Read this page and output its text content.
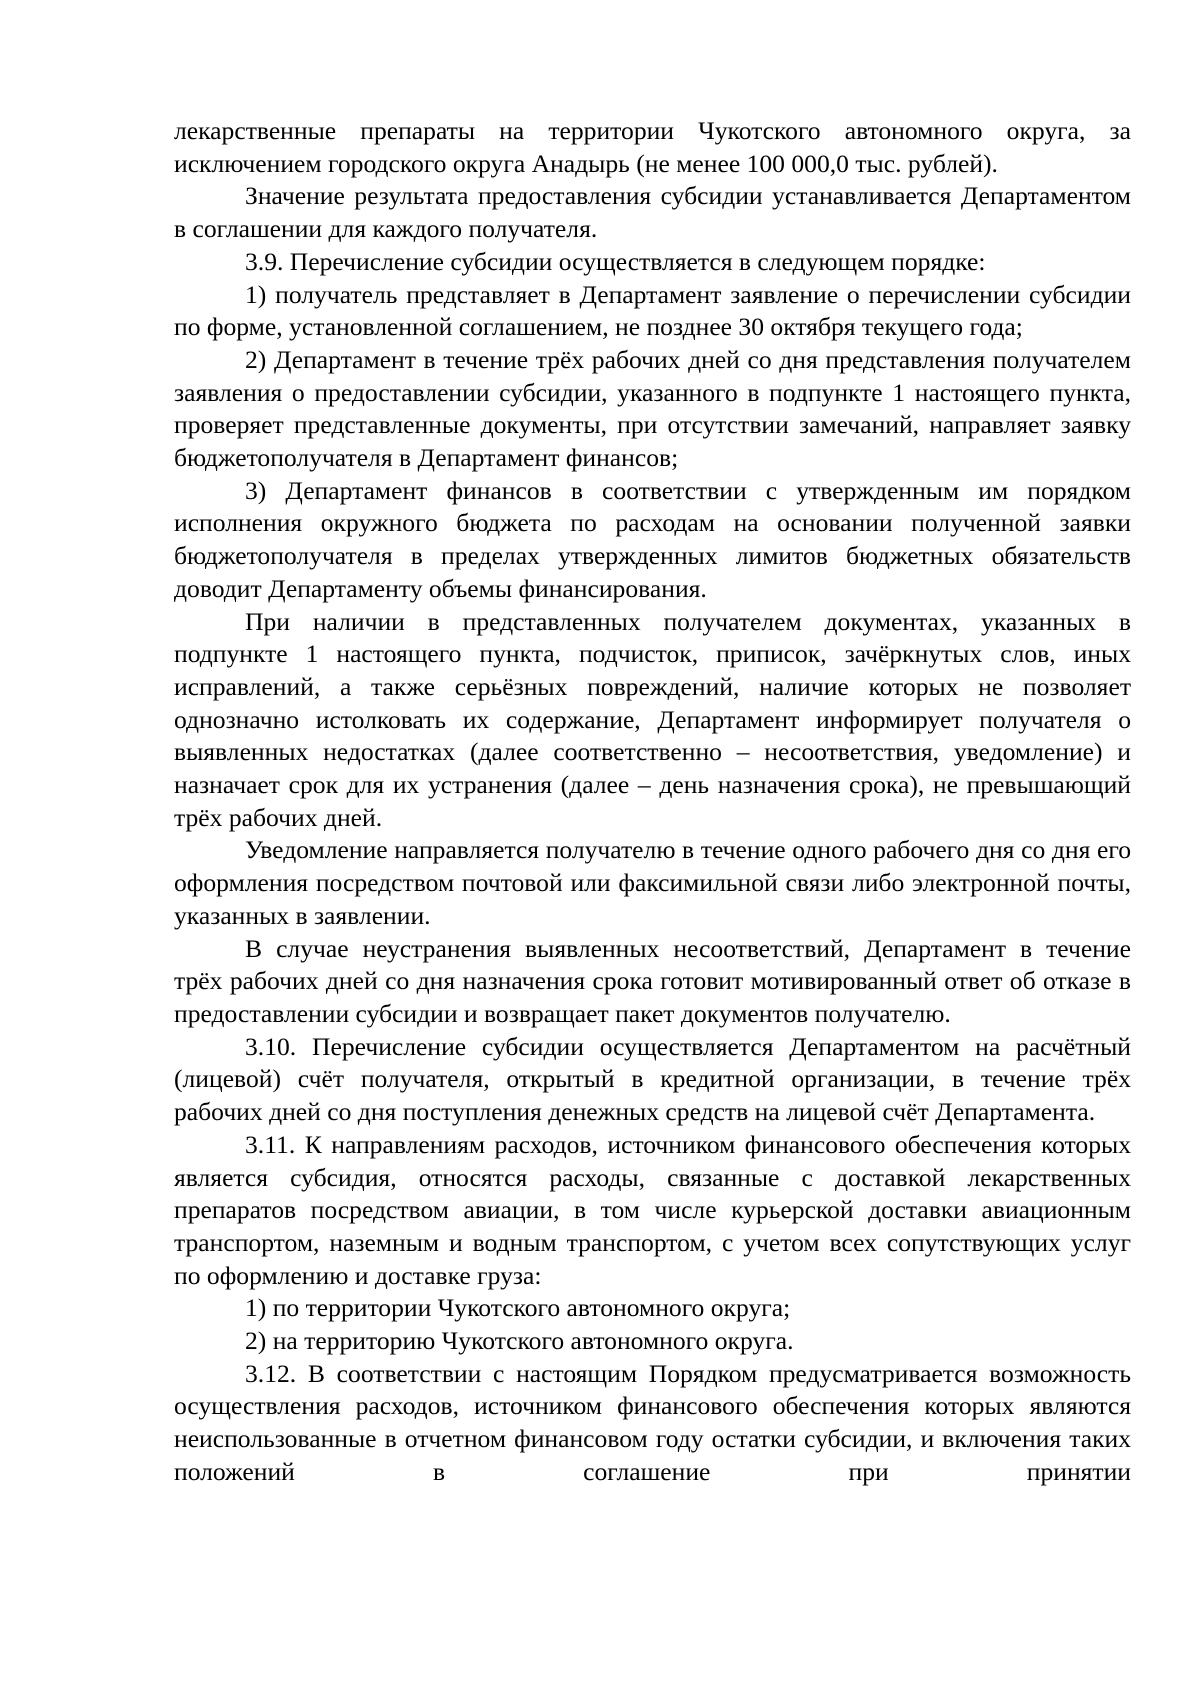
лекарственные препараты на территории Чукотского автономного округа, за исключением городского округа Анадырь (не менее 100 000,0 тыс. рублей).

Значение результата предоставления субсидии устанавливается Департаментом в соглашении для каждого получателя.

3.9. Перечисление субсидии осуществляется в следующем порядке:

1) получатель представляет в Департамент заявление о перечислении субсидии по форме, установленной соглашением, не позднее 30 октября текущего года;

2) Департамент в течение трёх рабочих дней со дня представления получателем заявления о предоставлении субсидии, указанного в подпункте 1 настоящего пункта, проверяет представленные документы, при отсутствии замечаний, направляет заявку бюджетополучателя в Департамент финансов;

3) Департамент финансов в соответствии с утвержденным им порядком исполнения окружного бюджета по расходам на основании полученной заявки бюджетополучателя в пределах утвержденных лимитов бюджетных обязательств доводит Департаменту объемы финансирования.

При наличии в представленных получателем документах, указанных в подпункте 1 настоящего пункта, подчисток, приписок, зачёркнутых слов, иных исправлений, а также серьёзных повреждений, наличие которых не позволяет однозначно истолковать их содержание, Департамент информирует получателя о выявленных недостатках (далее соответственно – несоответствия, уведомление) и назначает срок для их устранения (далее – день назначения срока), не превышающий трёх рабочих дней.

Уведомление направляется получателю в течение одного рабочего дня со дня его оформления посредством почтовой или факсимильной связи либо электронной почты, указанных в заявлении.

В случае неустранения выявленных несоответствий, Департамент в течение трёх рабочих дней со дня назначения срока готовит мотивированный ответ об отказе в предоставлении субсидии и возвращает пакет документов получателю.

3.10. Перечисление субсидии осуществляется Департаментом на расчётный (лицевой) счёт получателя, открытый в кредитной организации, в течение трёх рабочих дней со дня поступления денежных средств на лицевой счёт Департамента.

3.11. К направлениям расходов, источником финансового обеспечения которых является субсидия, относятся расходы, связанные с доставкой лекарственных препаратов посредством авиации, в том числе курьерской доставки авиационным транспортом, наземным и водным транспортом, с учетом всех сопутствующих услуг по оформлению и доставке груза:

1) по территории Чукотского автономного округа;

2) на территорию Чукотского автономного округа.

3.12. В соответствии с настоящим Порядком предусматривается возможность осуществления расходов, источником финансового обеспечения которых являются неиспользованные в отчетном финансовом году остатки субсидии, и включения таких положений в соглашение при принятии
